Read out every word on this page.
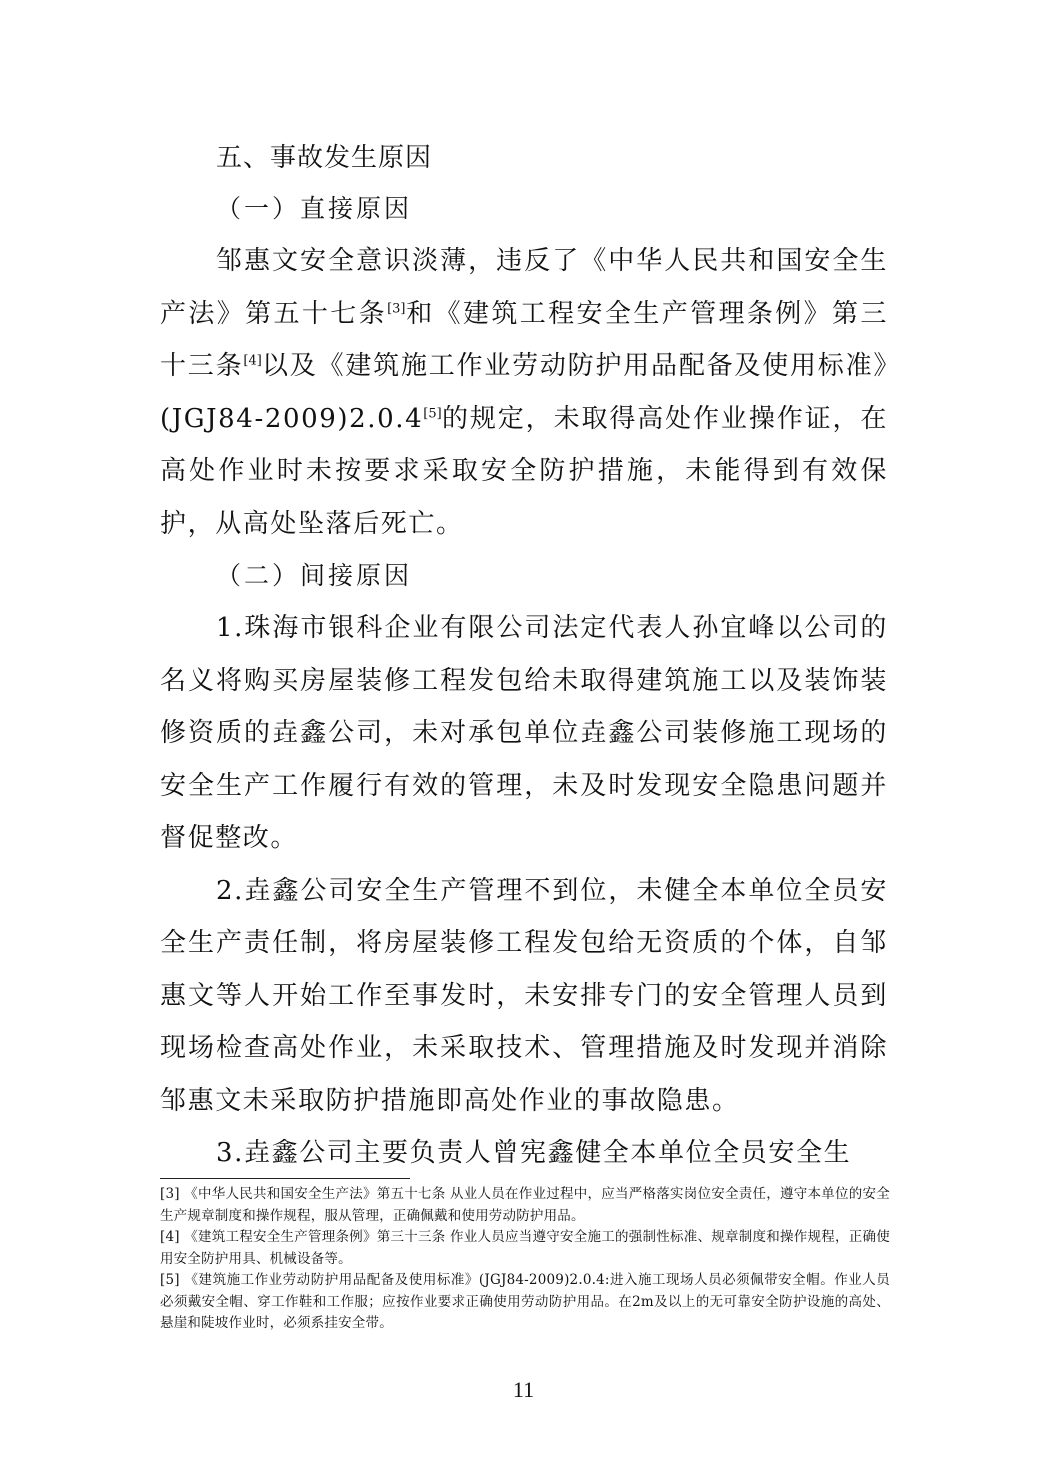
五、事故发生原因
（一）直接原因
邹惠文安全意识淡薄，违反了《中华人民共和国安全生产法》第五十七条[3]和《建筑工程安全生产管理条例》第三十三条[4]以及《建筑施工作业劳动防护用品配备及使用标准》(JGJ84-2009)2.0.4[5]的规定，未取得高处作业操作证，在高处作业时未按要求采取安全防护措施，未能得到有效保护，从高处坠落后死亡。
（二）间接原因
1.珠海市银科企业有限公司法定代表人孙宜峰以公司的名义将购买房屋装修工程发包给未取得建筑施工以及装饰装修资质的垚鑫公司，未对承包单位垚鑫公司装修施工现场的安全生产工作履行有效的管理，未及时发现安全隐患问题并督促整改。
2.垚鑫公司安全生产管理不到位，未健全本单位全员安全生产责任制，将房屋装修工程发包给无资质的个体，自邹惠文等人开始工作至事发时，未安排专门的安全管理人员到现场检查高处作业，未采取技术、管理措施及时发现并消除邹惠文未采取防护措施即高处作业的事故隐患。
3.垚鑫公司主要负责人曾宪鑫健全本单位全员安全生

[3] 《中华人民共和国安全生产法》第五十七条 从业人员在作业过程中，应当严格落实岗位安全责任，遵守本单位的安全生产规章制度和操作规程，服从管理，正确佩戴和使用劳动防护用品。

[4] 《建筑工程安全生产管理条例》第三十三条 作业人员应当遵守安全施工的强制性标准、规章制度和操作规程，正确使用安全防护用具、机械设备等。

[5] 《建筑施工作业劳动防护用品配备及使用标准》(JGJ84-2009)2.0.4:进入施工现场人员必须佩带安全帽。作业人员必须戴安全帽、穿工作鞋和工作服；应按作业要求正确使用劳动防护用品。在2m及以上的无可靠安全防护设施的高处、悬崖和陡坡作业时，必须系挂安全带。

11
